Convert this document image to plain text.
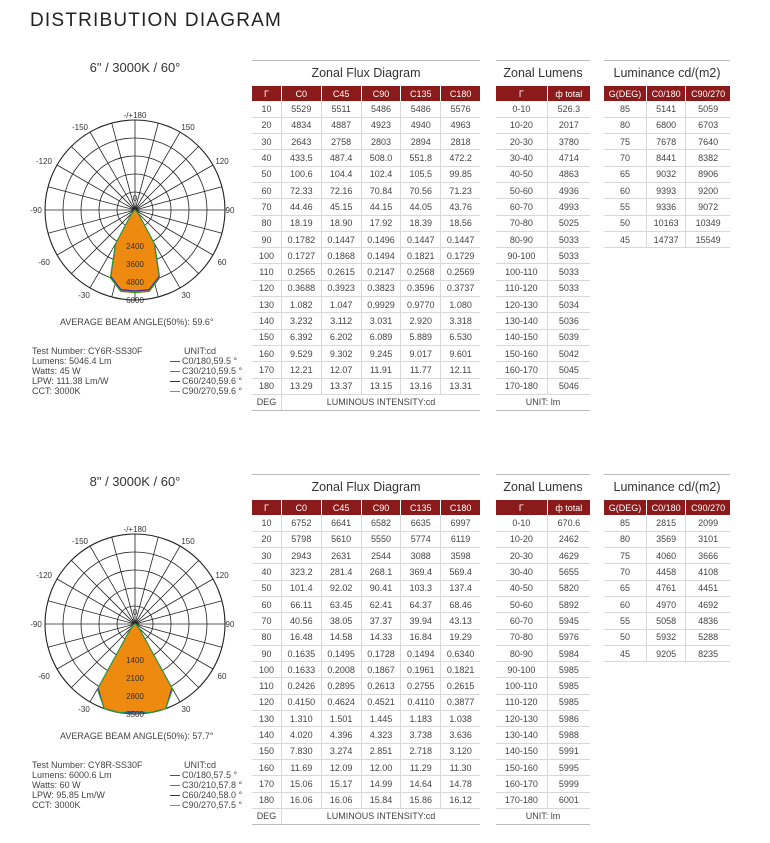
DISTRIBUTION DIAGRAM
6" / 3000K / 60°
2400
3600
4800
6000
-/+180
-150	150
-120	120
-90	90
-60	60
-30	30
0
AVERAGE BEAM ANGLE(50%): 59.6°
Test Number: CY6R-SS30F
Lumens: 5046.4 Lm
Watts: 45 W
LPW: 111.38 Lm/W
CCT: 3000K
UNIT:cd
C0/180,59.5 °
C30/210,59.5 °
C60/240,59.6 °
C90/270,59.6 °
Zonal Flux Diagram
Γ	C0	C45	C90	C135	C180
10	5529	5511	5486	5486	5576
20	4834	4887	4923	4940	4963
30	2643	2758	2803	2894	2818
40	433.5	487.4	508.0	551.8	472.2
50	100.6	104.4	102.4	105.5	99.85
60	72.33	72.16	70.84	70.56	71.23
70	44.46	45.15	44.15	44.05	43.76
80	18.19	18.90	17.92	18.39	18.56
90	0.1782	0.1447	0.1496	0.1447	0.1447
100	0.1727	0.1868	0.1494	0.1821	0.1729
110	0.2565	0.2615	0.2147	0.2568	0.2569
120	0.3688	0.3923	0.3823	0.3596	0.3737
130	1.082	1.047	0.9929	0.9770	1.080
140	3.232	3.112	3.031	2.920	3.318
150	6.392	6.202	6.089	5.889	6.530
160	9.529	9.302	9.245	9.017	9.601
170	12.21	12.07	11.91	11.77	12.11
180	13.29	13.37	13.15	13.16	13.31
DEG	LUMINOUS INTENSITY:cd				
Zonal Lumens
Γ	ф total
0-10	526.3
10-20	2017
20-30	3780
30-40	4714
40-50	4863
50-60	4936
60-70	4993
70-80	5025
80-90	5033
90-100	5033
100-110	5033
110-120	5033
120-130	5034
130-140	5036
140-150	5039
150-160	5042
160-170	5045
170-180	5046
UNIT: lm	
Luminance cd/(m2)
G(DEG)	C0/180	C90/270
85	5141	5059
80	6800	6703
75	7678	7640
70	8441	8382
65	9032	8906
60	9393	9200
55	9336	9072
50	10163	10349
45	14737	15549
8" / 3000K / 60°
1400
2100
2800
3500
-/+180
-150	150
-120	120
-90	90
-60	60
-30	30
0
AVERAGE BEAM ANGLE(50%): 57.7°
Test Number: CY8R-SS30F
Lumens: 6000.6 Lm
Watts: 60 W
LPW: 95.85 Lm/W
CCT: 3000K
UNIT:cd
C0/180,57.5 °
C30/210,57.8 °
C60/240,58.0 °
C90/270,57.5 °
Zonal Flux Diagram
Γ	C0	C45	C90	C135	C180
10	6752	6641	6582	6635	6997
20	5798	5610	5550	5774	6119
30	2943	2631	2544	3088	3598
40	323.2	281.4	268.1	369.4	569.4
50	101.4	92.02	90.41	103.3	137.4
60	66.11	63.45	62.41	64.37	68.46
70	40.56	38.05	37.37	39.94	43.13
80	16.48	14.58	14.33	16.84	19.29
90	0.1635	0.1495	0.1728	0.1494	0.6340
100	0.1633	0.2008	0.1867	0.1961	0.1821
110	0.2426	0.2895	0.2613	0.2755	0.2615
120	0.4150	0.4624	0.4521	0.4110	0.3877
130	1.310	1.501	1.445	1.183	1.038
140	4.020	4.396	4.323	3.738	3.636
150	7.830	3.274	2.851	2.718	3.120
160	11.69	12.09	12.00	11.29	11.30
170	15.06	15.17	14.99	14.64	14.78
180	16.06	16.06	15.84	15.86	16.12
DEG	LUMINOUS INTENSITY:cd				
Zonal Lumens
Γ	ф total
0-10	670.6
10-20	2462
20-30	4629
30-40	5655
40-50	5820
50-60	5892
60-70	5945
70-80	5976
80-90	5984
90-100	5985
100-110	5985
110-120	5985
120-130	5986
130-140	5988
140-150	5991
150-160	5995
160-170	5999
170-180	6001
UNIT: lm	
Luminance cd/(m2)
G(DEG)	C0/180	C90/270
85	2815	2099
80	3569	3101
75	4060	3666
70	4458	4108
65	4761	4451
60	4970	4692
55	5058	4836
50	5932	5288
45	9205	8235
